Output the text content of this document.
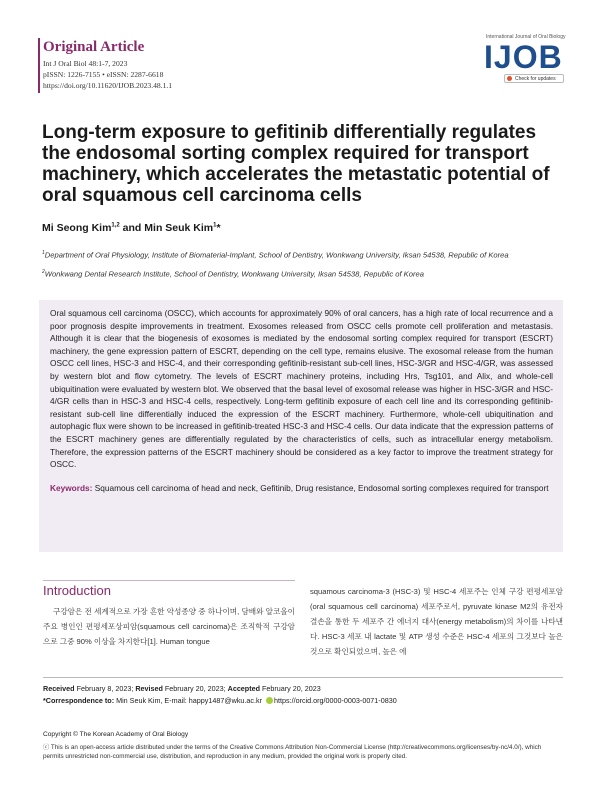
Original Article
Int J Oral Biol 48:1-7, 2023
pISSN: 1226-7155 • eISSN: 2287-6618
https://doi.org/10.11620/IJOB.2023.48.1.1
International Journal of Oral Biology
IJOB
Check for updates
Long-term exposure to gefitinib differentially regulates the endosomal sorting complex required for transport machinery, which accelerates the metastatic potential of oral squamous cell carcinoma cells
Mi Seong Kim$^{1,2}$ and Min Seuk Kim$^1$*
$^1$Department of Oral Physiology, Institute of Biomaterial-Implant, School of Dentistry, Wonkwang University, Iksan 54538, Republic of Korea
$^2$Wonkwang Dental Research Institute, School of Dentistry, Wonkwang University, Iksan 54538, Republic of Korea
Oral squamous cell carcinoma (OSCC), which accounts for approximately 90% of oral cancers, has a high rate of local recurrence and a poor prognosis despite improvements in treatment. Exosomes released from OSCC cells promote cell proliferation and metastasis. Although it is clear that the biogenesis of exosomes is mediated by the endosomal sorting complex required for transport (ESCRT) machinery, the gene expression pattern of ESCRT, depending on the cell type, remains elusive. The exosomal release from the human OSCC cell lines, HSC-3 and HSC-4, and their corresponding gefitinib-resistant sub-cell lines, HSC-3/GR and HSC-4/GR, was assessed by western blot and flow cytometry. The levels of ESCRT machinery proteins, including Hrs, Tsg101, and Alix, and whole-cell ubiquitination were evaluated by western blot. We observed that the basal level of exosomal release was higher in HSC-3/GR and HSC-4/GR cells than in HSC-3 and HSC-4 cells, respectively. Long-term gefitinib exposure of each cell line and its corresponding gefitinib-resistant sub-cell line differentially induced the expression of the ESCRT machinery. Furthermore, whole-cell ubiquitination and autophagic flux were shown to be increased in gefitinib-treated HSC-3 and HSC-4 cells. Our data indicate that the expression patterns of the ESCRT machinery genes are differentially regulated by the characteristics of cells, such as intracellular energy metabolism. Therefore, the expression patterns of the ESCRT machinery should be considered as a key factor to improve the treatment strategy for OSCC.
Keywords: Squamous cell carcinoma of head and neck, Gefitinib, Drug resistance, Endosomal sorting complexes required for transport
Introduction
구강암은 전 세계적으로 가장 흔한 악성종양 중 하나이며, 담배와 알코올이 주요 병인인 편평세포상피암(squamous cell carcinoma)은 조직학적 구강암으로 그중 90% 이상을 차지한다[1]. Human tongue
squamous carcinoma-3 (HSC-3) 및 HSC-4 세포주는 인체 구강 편평세포암(oral squamous cell carcinoma) 세포주로서, pyruvate kinase M2의 유전자 결손을 통한 두 세포주 간 에너지 대사(energy metabolism)의 차이를 나타낸다. HSC-3 세포 내 lactate 및 ATP 생성 수준은 HSC-4 세포의 그것보다 높은 것으로 확인되었으며, 높은 에
Received February 8, 2023; Revised February 20, 2023; Accepted February 20, 2023
*Correspondence to: Min Seuk Kim, E-mail: happy1487@wku.ac.kr https://orcid.org/0000-0003-0071-0830
Copyright © The Korean Academy of Oral Biology
ⓒ This is an open-access article distributed under the terms of the Creative Commons Attribution Non-Commercial License (http://creativecommons.org/licenses/by-nc/4.0/), which permits unrestricted non-commercial use, distribution, and reproduction in any medium, provided the original work is properly cited.
